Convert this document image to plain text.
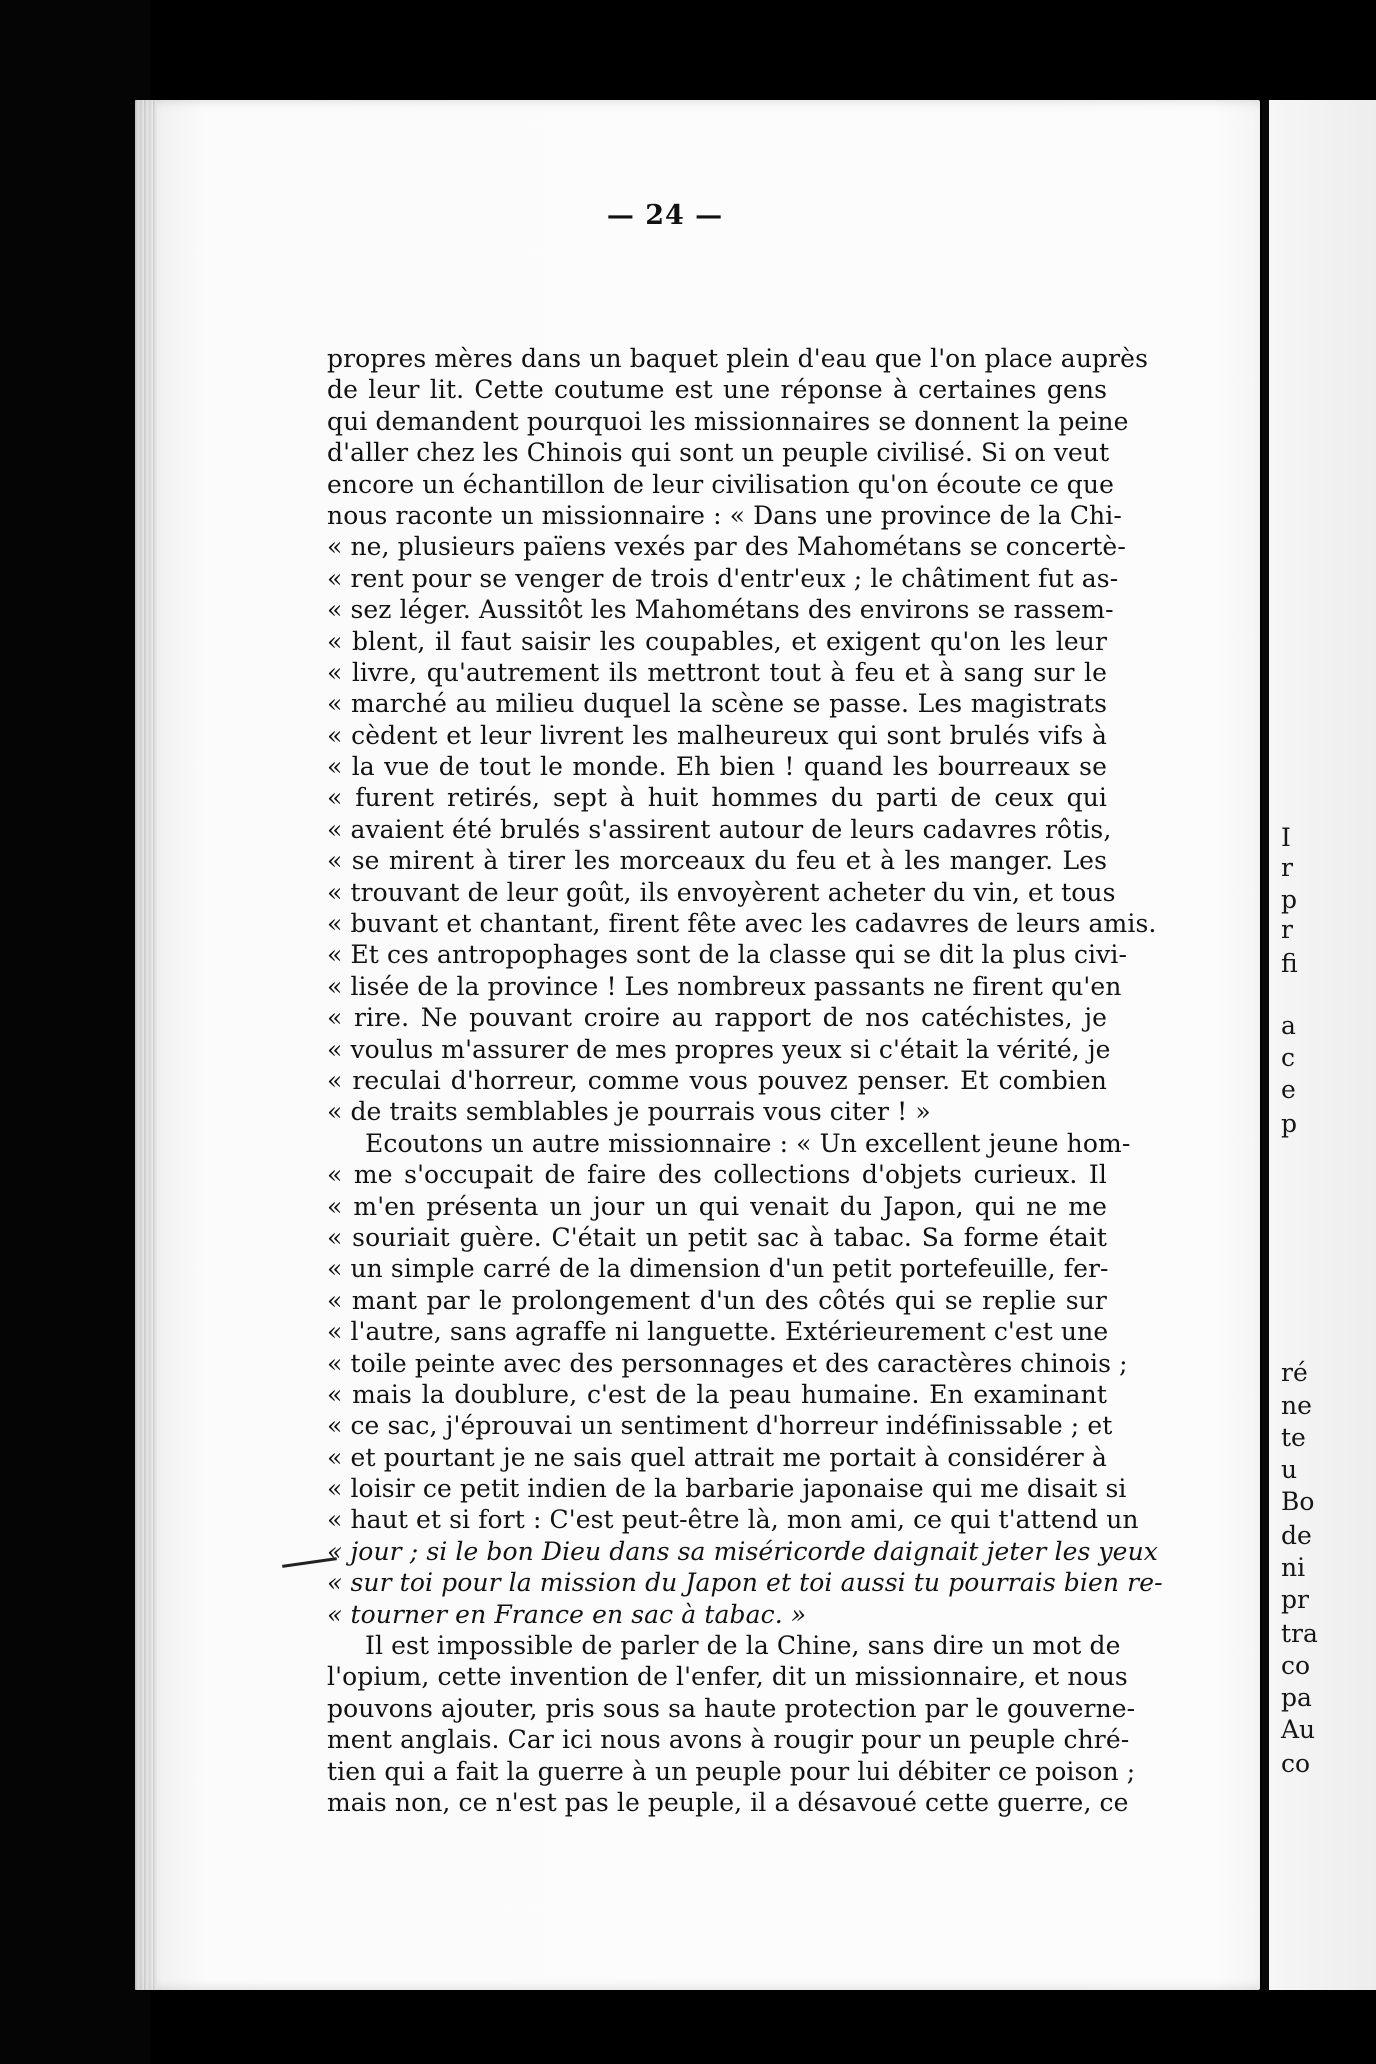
— 24 —
propres mères dans un baquet plein d'eau que l'on place auprès
de leur lit. Cette coutume est une réponse à certaines gens
qui demandent pourquoi les missionnaires se donnent la peine
d'aller chez les Chinois qui sont un peuple civilisé. Si on veut
encore un échantillon de leur civilisation qu'on écoute ce que
nous raconte un missionnaire : « Dans une province de la Chi-
« ne, plusieurs païens vexés par des Mahométans se concertè-
« rent pour se venger de trois d'entr'eux ; le châtiment fut as-
« sez léger. Aussitôt les Mahométans des environs se rassem-
« blent, il faut saisir les coupables, et exigent qu'on les leur
« livre, qu'autrement ils mettront tout à feu et à sang sur le
« marché au milieu duquel la scène se passe. Les magistrats
« cèdent et leur livrent les malheureux qui sont brulés vifs à
« la vue de tout le monde. Eh bien ! quand les bourreaux se
« furent retirés, sept à huit hommes du parti de ceux qui
« avaient été brulés s'assirent autour de leurs cadavres rôtis,
« se mirent à tirer les morceaux du feu et à les manger. Les
« trouvant de leur goût, ils envoyèrent acheter du vin, et tous
« buvant et chantant, firent fête avec les cadavres de leurs amis.
« Et ces antropophages sont de la classe qui se dit la plus civi-
« lisée de la province ! Les nombreux passants ne firent qu'en
« rire. Ne pouvant croire au rapport de nos catéchistes, je
« voulus m'assurer de mes propres yeux si c'était la vérité, je
« reculai d'horreur, comme vous pouvez penser. Et combien
« de traits semblables je pourrais vous citer ! »
Ecoutons un autre missionnaire : « Un excellent jeune hom-
« me s'occupait de faire des collections d'objets curieux. Il
« m'en présenta un jour un qui venait du Japon, qui ne me
« souriait guère. C'était un petit sac à tabac. Sa forme était
« un simple carré de la dimension d'un petit portefeuille, fer-
« mant par le prolongement d'un des côtés qui se replie sur
« l'autre, sans agraffe ni languette. Extérieurement c'est une
« toile peinte avec des personnages et des caractères chinois ;
« mais la doublure, c'est de la peau humaine. En examinant
« ce sac, j'éprouvai un sentiment d'horreur indéfinissable ; et
« et pourtant je ne sais quel attrait me portait à considérer à
« loisir ce petit indien de la barbarie japonaise qui me disait si
« haut et si fort : C'est peut-être là, mon ami, ce qui t'attend un
« jour ; si le bon Dieu dans sa miséricorde daignait jeter les yeux
« sur toi pour la mission du Japon et toi aussi tu pourrais bien re-
« tourner en France en sac à tabac. »
Il est impossible de parler de la Chine, sans dire un mot de
l'opium, cette invention de l'enfer, dit un missionnaire, et nous
pouvons ajouter, pris sous sa haute protection par le gouverne-
ment anglais. Car ici nous avons à rougir pour un peuple chré-
tien qui a fait la guerre à un peuple pour lui débiter ce poison ;
mais non, ce n'est pas le peuple, il a désavoué cette guerre, ce
I
r
p
r
fi
a
c
e
p
ré
ne
te
u
Bo
de
ni
pr
tra
co
pa
Au
co
